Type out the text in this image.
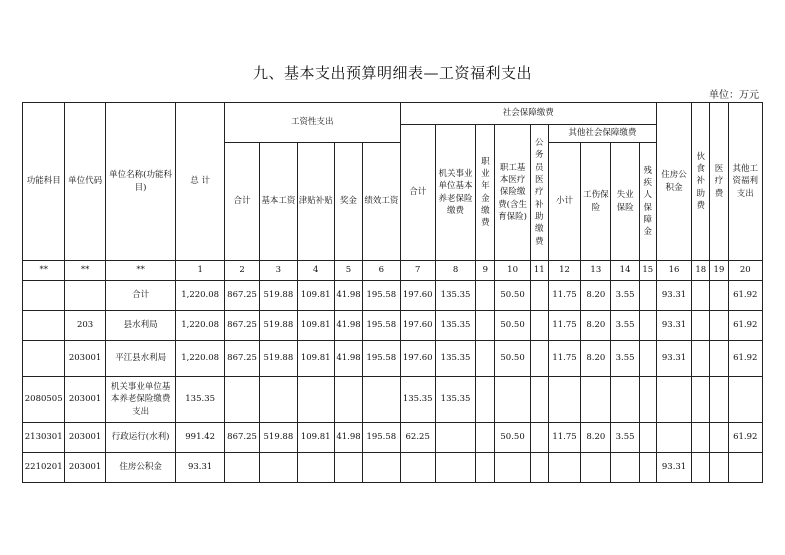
九、基本支出预算明细表—工资福利支出
单位：万元
功能科目	单位代码	单位名称(功能科目)	总 计	工资性支出					社会保障缴费									住房公积金	伙食补助费	医疗费	其他工资福利支出
									合计	机关事业单位基本养老保险缴费	职业年金缴费	职工基本医疗保险缴费(含生育保险)	公务员医疗补助缴费	其他社会保障缴费							
				合计	基本工资	津贴补贴	奖金	绩效工资						小计	工伤保险	失业保险	残疾人保障金				
**	**	**	1	2	3	4	5	6	7	8	9	10	11	12	13	14	15	16	18	19	20
		合计	1,220.08	867.25	519.88	109.81	41.98	195.58	197.60	135.35		50.50		11.75	8.20	3.55		93.31			61.92
	203	县水利局	1,220.08	867.25	519.88	109.81	41.98	195.58	197.60	135.35		50.50		11.75	8.20	3.55		93.31			61.92
	203001	平江县水利局	1,220.08	867.25	519.88	109.81	41.98	195.58	197.60	135.35		50.50		11.75	8.20	3.55		93.31			61.92
2080505	203001	机关事业单位基本养老保险缴费支出	135.35						135.35	135.35											
2130301	203001	行政运行(水利)	991.42	867.25	519.88	109.81	41.98	195.58	62.25			50.50		11.75	8.20	3.55					61.92
2210201	203001	住房公积金	93.31															93.31			
